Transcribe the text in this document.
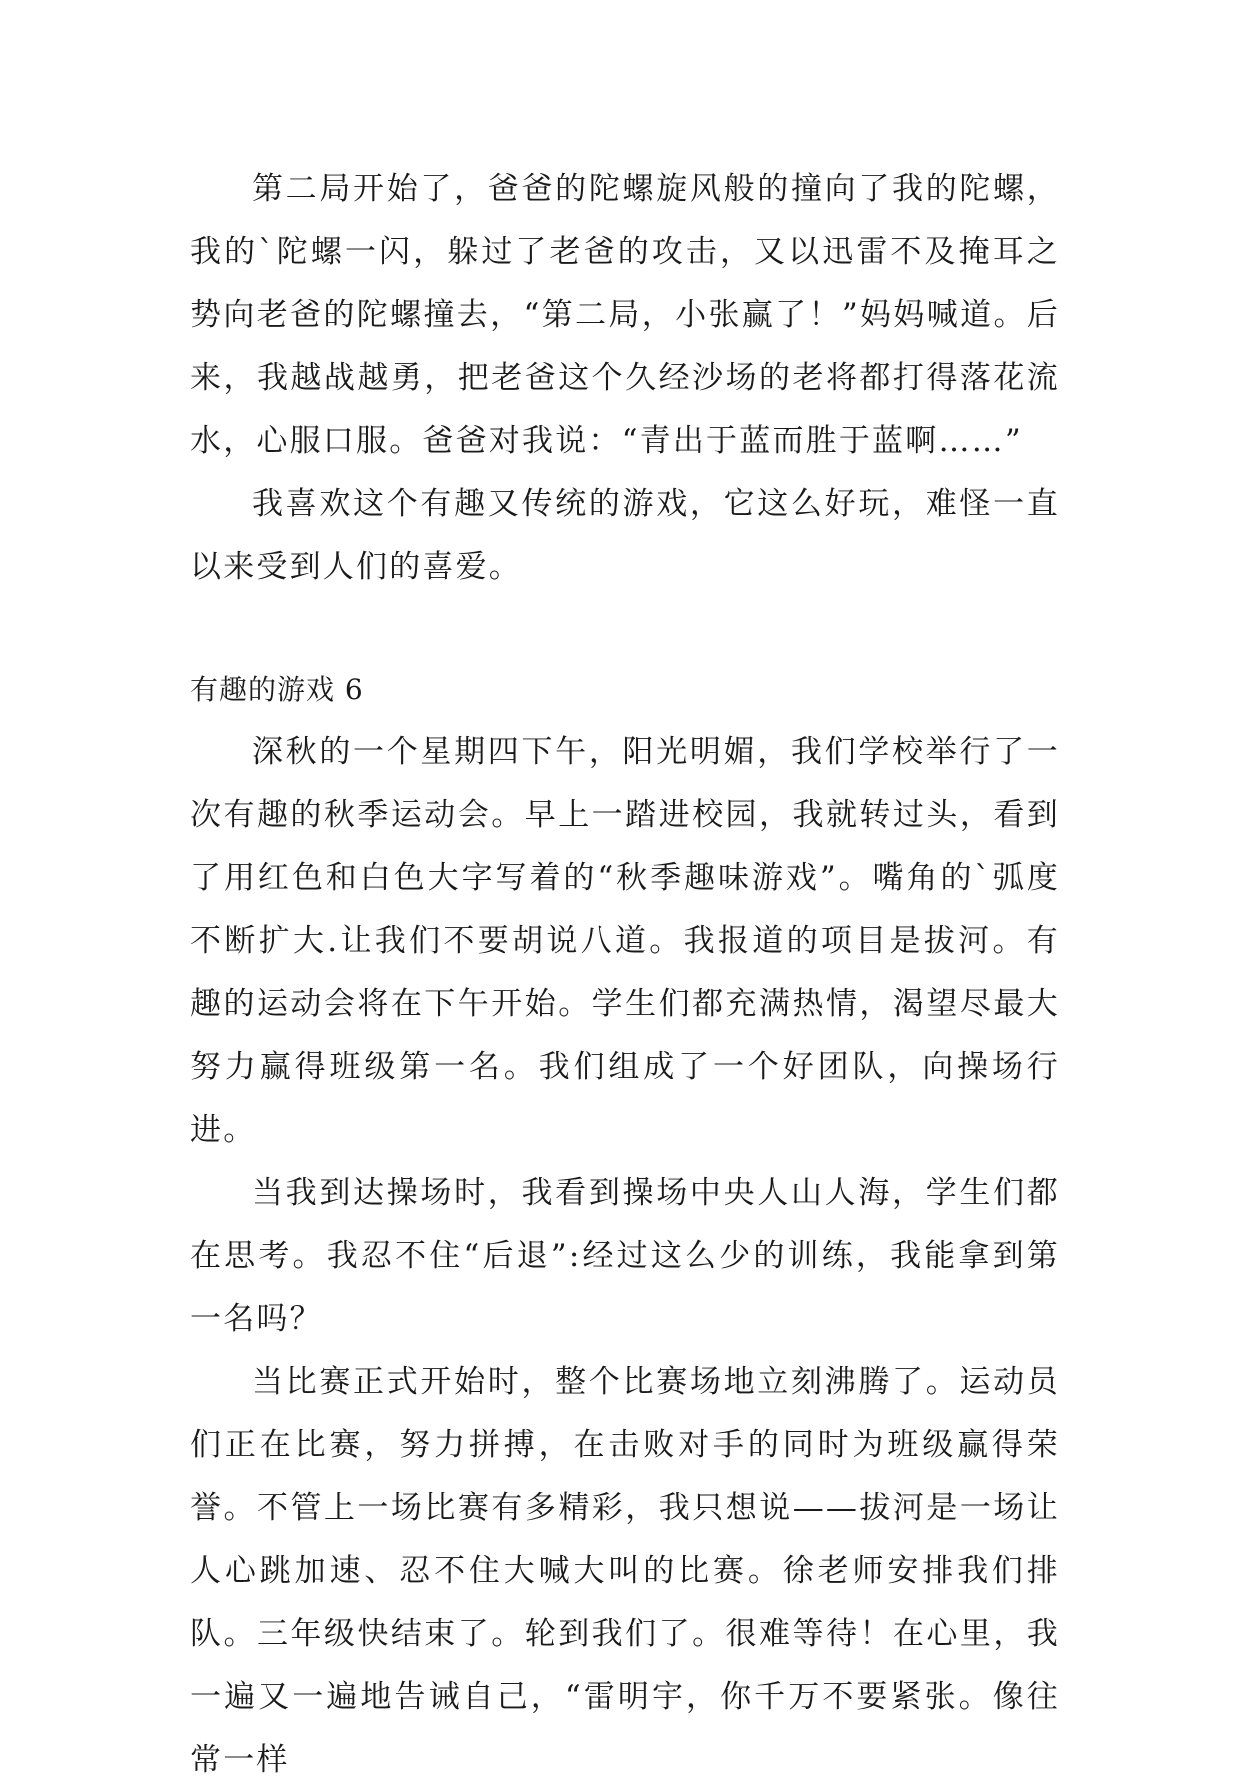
第二局开始了，爸爸的陀螺旋风般的撞向了我的陀螺，我的`陀螺一闪，躲过了老爸的攻击，又以迅雷不及掩耳之势向老爸的陀螺撞去，“第二局，小张赢了！”妈妈喊道。后来，我越战越勇，把老爸这个久经沙场的老将都打得落花流水，心服口服。爸爸对我说：“青出于蓝而胜于蓝啊……”

我喜欢这个有趣又传统的游戏，它这么好玩，难怪一直以来受到人们的喜爱。

有趣的游戏 6

深秋的一个星期四下午，阳光明媚，我们学校举行了一次有趣的秋季运动会。早上一踏进校园，我就转过头，看到了用红色和白色大字写着的“秋季趣味游戏”。嘴角的`弧度不断扩大.让我们不要胡说八道。我报道的项目是拔河。有趣的运动会将在下午开始。学生们都充满热情，渴望尽最大努力赢得班级第一名。我们组成了一个好团队，向操场行进。

当我到达操场时，我看到操场中央人山人海，学生们都在思考。我忍不住“后退”:经过这么少的训练，我能拿到第一名吗？

当比赛正式开始时，整个比赛场地立刻沸腾了。运动员们正在比赛，努力拼搏，在击败对手的同时为班级赢得荣誉。不管上一场比赛有多精彩，我只想说——拔河是一场让人心跳加速、忍不住大喊大叫的比赛。徐老师安排我们排队。三年级快结束了。轮到我们了。很难等待！在心里，我一遍又一遍地告诫自己，“雷明宇，你千万不要紧张。像往常一样
